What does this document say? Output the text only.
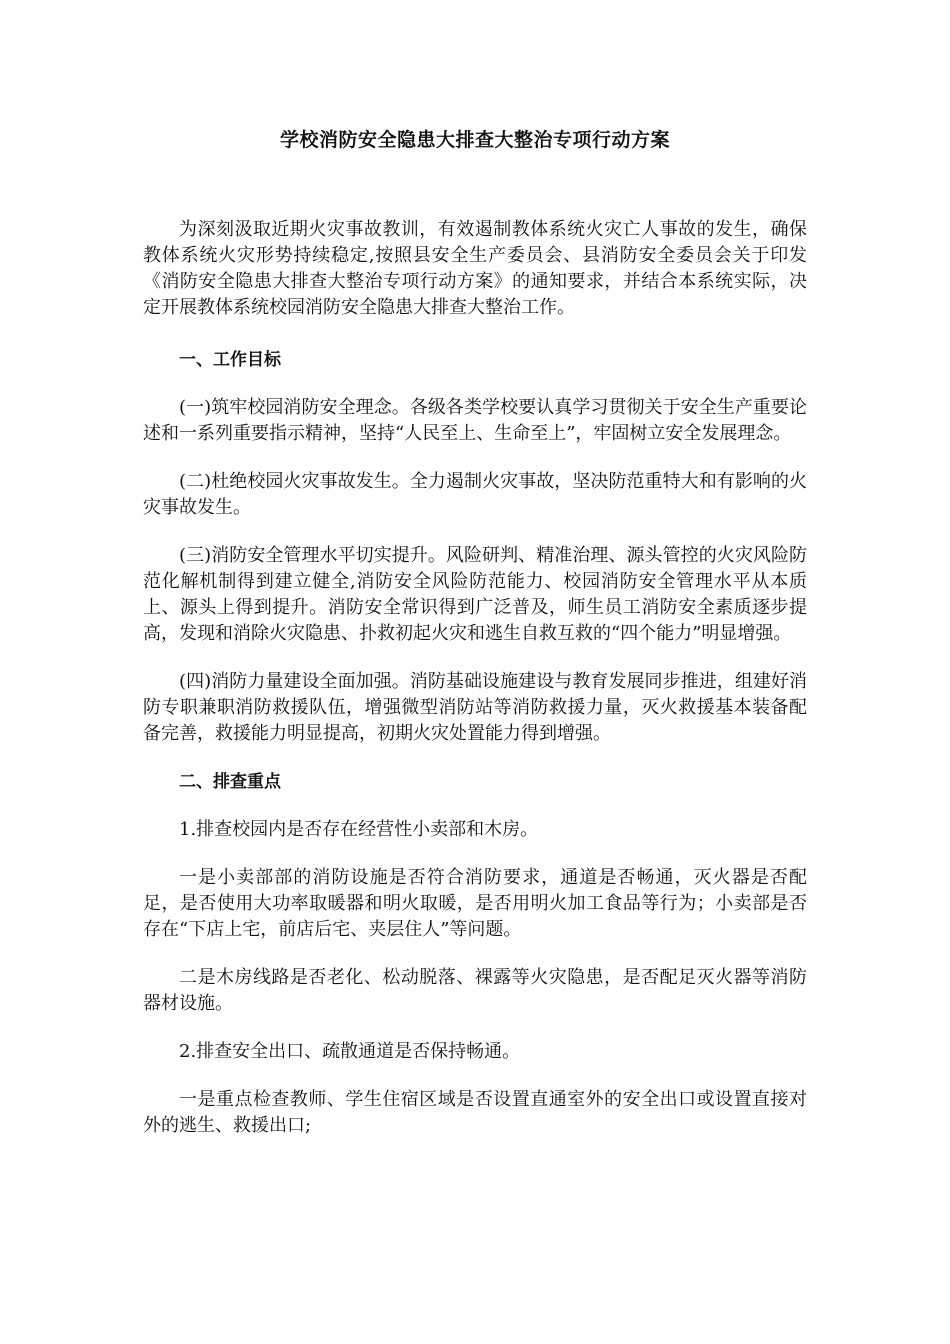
学校消防安全隐患大排查大整治专项行动方案

为深刻汲取近期火灾事故教训，有效遏制教体系统火灾亡人事故的发生，确保教体系统火灾形势持续稳定,按照县安全生产委员会、县消防安全委员会关于印发《消防安全隐患大排查大整治专项行动方案》的通知要求，并结合本系统实际，决定开展教体系统校园消防安全隐患大排查大整治工作。

一、工作目标

(一)筑牢校园消防安全理念。各级各类学校要认真学习贯彻关于安全生产重要论述和一系列重要指示精神，坚持“人民至上、生命至上”，牢固树立安全发展理念。

(二)杜绝校园火灾事故发生。全力遏制火灾事故，坚决防范重特大和有影响的火灾事故发生。

(三)消防安全管理水平切实提升。风险研判、精准治理、源头管控的火灾风险防范化解机制得到建立健全,消防安全风险防范能力、校园消防安全管理水平从本质上、源头上得到提升。消防安全常识得到广泛普及，师生员工消防安全素质逐步提高，发现和消除火灾隐患、扑救初起火灾和逃生自救互救的“四个能力”明显增强。

(四)消防力量建设全面加强。消防基础设施建设与教育发展同步推进，组建好消防专职兼职消防救援队伍，增强微型消防站等消防救援力量，灭火救援基本装备配备完善，救援能力明显提高，初期火灾处置能力得到增强。

二、排查重点

1.排查校园内是否存在经营性小卖部和木房。

一是小卖部部的消防设施是否符合消防要求，通道是否畅通，灭火器是否配足，是否使用大功率取暖器和明火取暖，是否用明火加工食品等行为；小卖部是否存在“下店上宅，前店后宅、夹层住人”等问题。

二是木房线路是否老化、松动脱落、裸露等火灾隐患，是否配足灭火器等消防器材设施。

2.排查安全出口、疏散通道是否保持畅通。

一是重点检查教师、学生住宿区域是否设置直通室外的安全出口或设置直接对外的逃生、救援出口;
